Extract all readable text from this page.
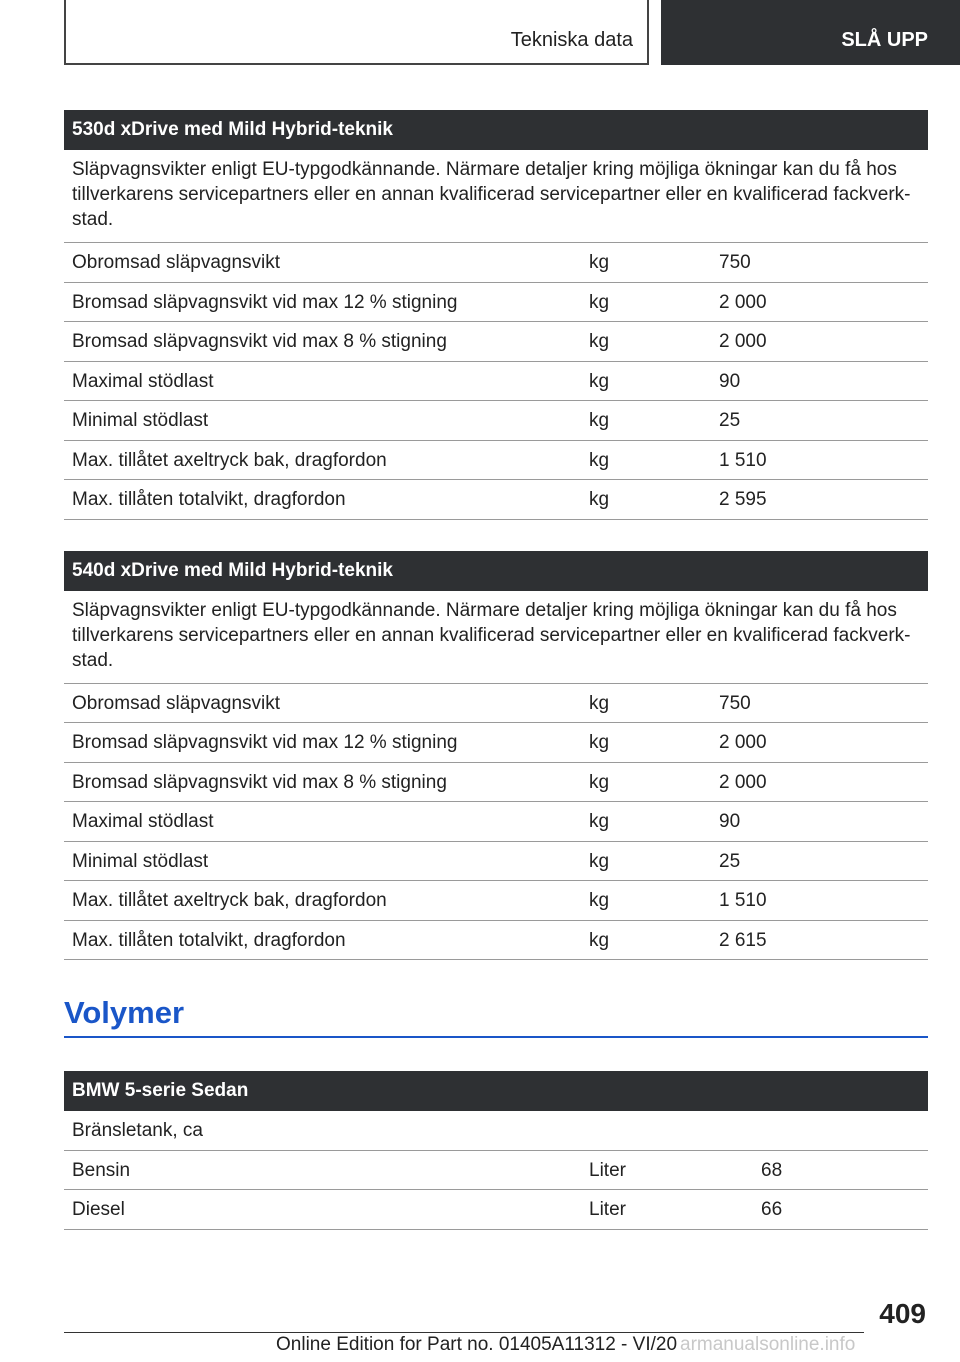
Tekniska data	SLÅ UPP
530d xDrive med Mild Hybrid-teknik
Släpvagnsvikter enligt EU-typgodkännande. Närmare detaljer kring möjliga ökningar kan du få hos tillverkarens servicepartners eller en annan kvalificerad servicepartner eller en kvalificerad fackverk-stad.
Obromsad släpvagnsvikt	kg	750
Bromsad släpvagnsvikt vid max 12 % stigning	kg	2 000
Bromsad släpvagnsvikt vid max 8 % stigning	kg	2 000
Maximal stödlast	kg	90
Minimal stödlast	kg	25
Max. tillåtet axeltryck bak, dragfordon	kg	1 510
Max. tillåten totalvikt, dragfordon	kg	2 595
540d xDrive med Mild Hybrid-teknik
Släpvagnsvikter enligt EU-typgodkännande. Närmare detaljer kring möjliga ökningar kan du få hos tillverkarens servicepartners eller en annan kvalificerad servicepartner eller en kvalificerad fackverk-stad.
Obromsad släpvagnsvikt	kg	750
Bromsad släpvagnsvikt vid max 12 % stigning	kg	2 000
Bromsad släpvagnsvikt vid max 8 % stigning	kg	2 000
Maximal stödlast	kg	90
Minimal stödlast	kg	25
Max. tillåtet axeltryck bak, dragfordon	kg	1 510
Max. tillåten totalvikt, dragfordon	kg	2 615
Volymer
BMW 5-serie Sedan
Bränsletank, ca
Bensin	Liter	68
Diesel	Liter	66
409
Online Edition for Part no. 01405A11312 - VI/20 armanualsonline.info
